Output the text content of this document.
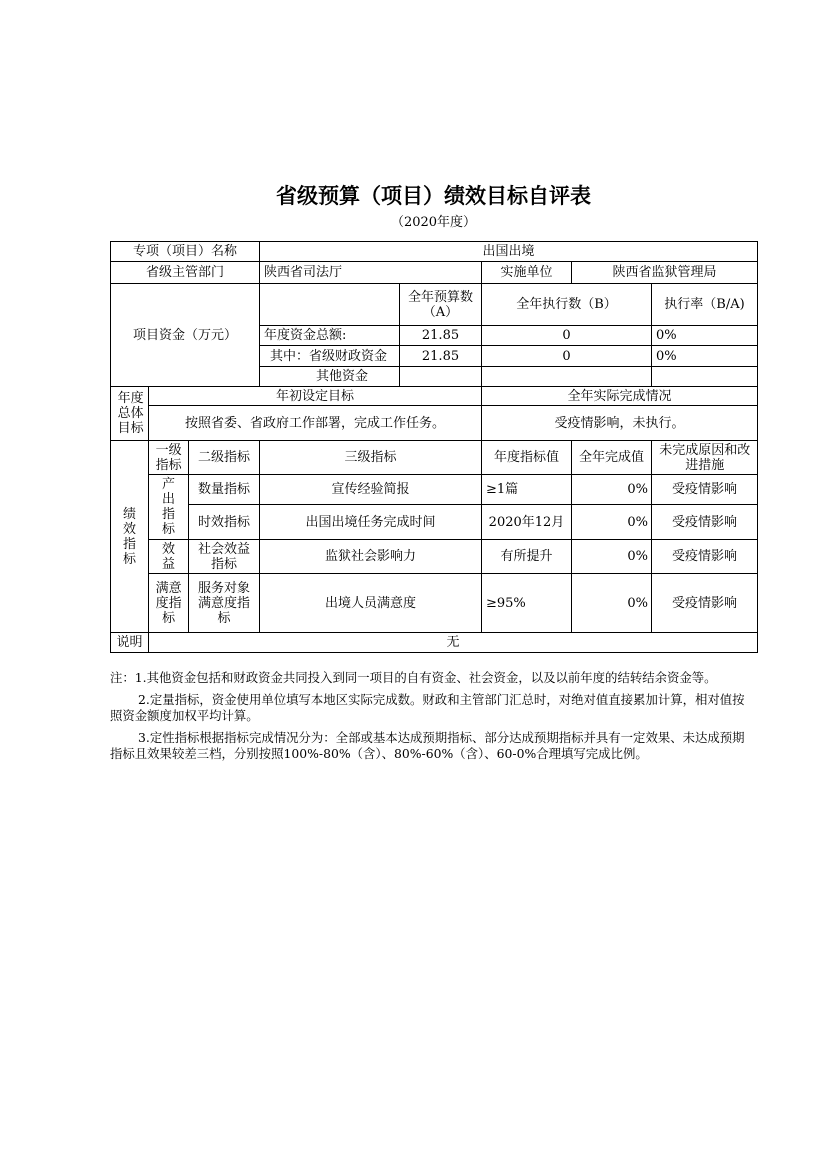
省级预算（项目）绩效目标自评表
（2020年度）
专项（项目）名称			出国出境				
省级主管部门			陕西省司法厅		实施单位	陕西省监狱管理局	
项目资金（万元）				全年预算数（A）	全年执行数（B）		执行率（B/A)
			年度资金总额:	21.85	0		0%
			其中：省级财政资金	21.85	0		0%
			其他资金				
年度总体目标	年初设定目标				全年实际完成情况		
	按照省委、省政府工作部署，完成工作任务。				受疫情影响，未执行。		
绩效指标	一级指标	二级指标	三级指标		年度指标值	全年完成值	未完成原因和改进措施
	产出指标	数量指标	宣传经验简报		≥1篇	0%	受疫情影响
		时效指标	出国出境任务完成时间		2020年12月	0%	受疫情影响
	效益	社会效益指标	监狱社会影响力		有所提升	0%	受疫情影响
	满意度指标	服务对象满意度指标	出境人员满意度		≥95%	0%	受疫情影响
说明	无						
注：1.其他资金包括和财政资金共同投入到同一项目的自有资金、社会资金，以及以前年度的结转结余资金等。
2.定量指标，资金使用单位填写本地区实际完成数。财政和主管部门汇总时，对绝对值直接累加计算，相对值按
照资金额度加权平均计算。
3.定性指标根据指标完成情况分为：全部或基本达成预期指标、部分达成预期指标并具有一定效果、未达成预期
指标且效果较差三档，分别按照100%-80%（含）、80%-60%（含）、60-0%合理填写完成比例。
